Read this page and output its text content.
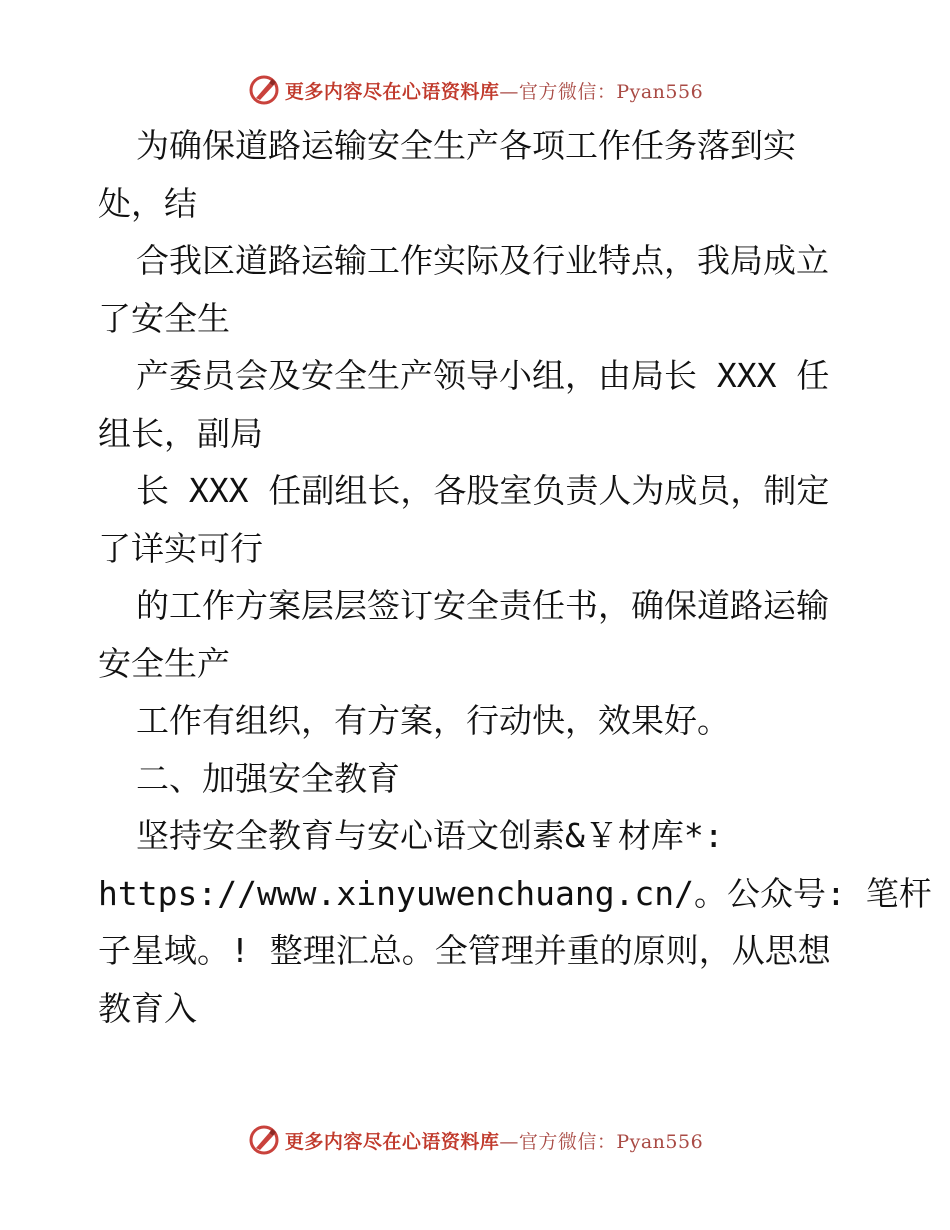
更多内容尽在心语资料库—官方微信：Pyan556
为确保道路运输安全生产各项工作任务落到实
处，结
合我区道路运输工作实际及行业特点，我局成立
了安全生
产委员会及安全生产领导小组，由局长 XXX 任
组长，副局
长 XXX 任副组长，各股室负责人为成员，制定
了详实可行
的工作方案层层签订安全责任书，确保道路运输
安全生产
工作有组织，有方案，行动快，效果好。
二、加强安全教育
坚持安全教育与安心语文创素&￥材库*:
https://www.xinyuwenchuang.cn/。公众号: 笔杆
子星域。! 整理汇总。全管理并重的原则，从思想
教育入
更多内容尽在心语资料库—官方微信：Pyan556
